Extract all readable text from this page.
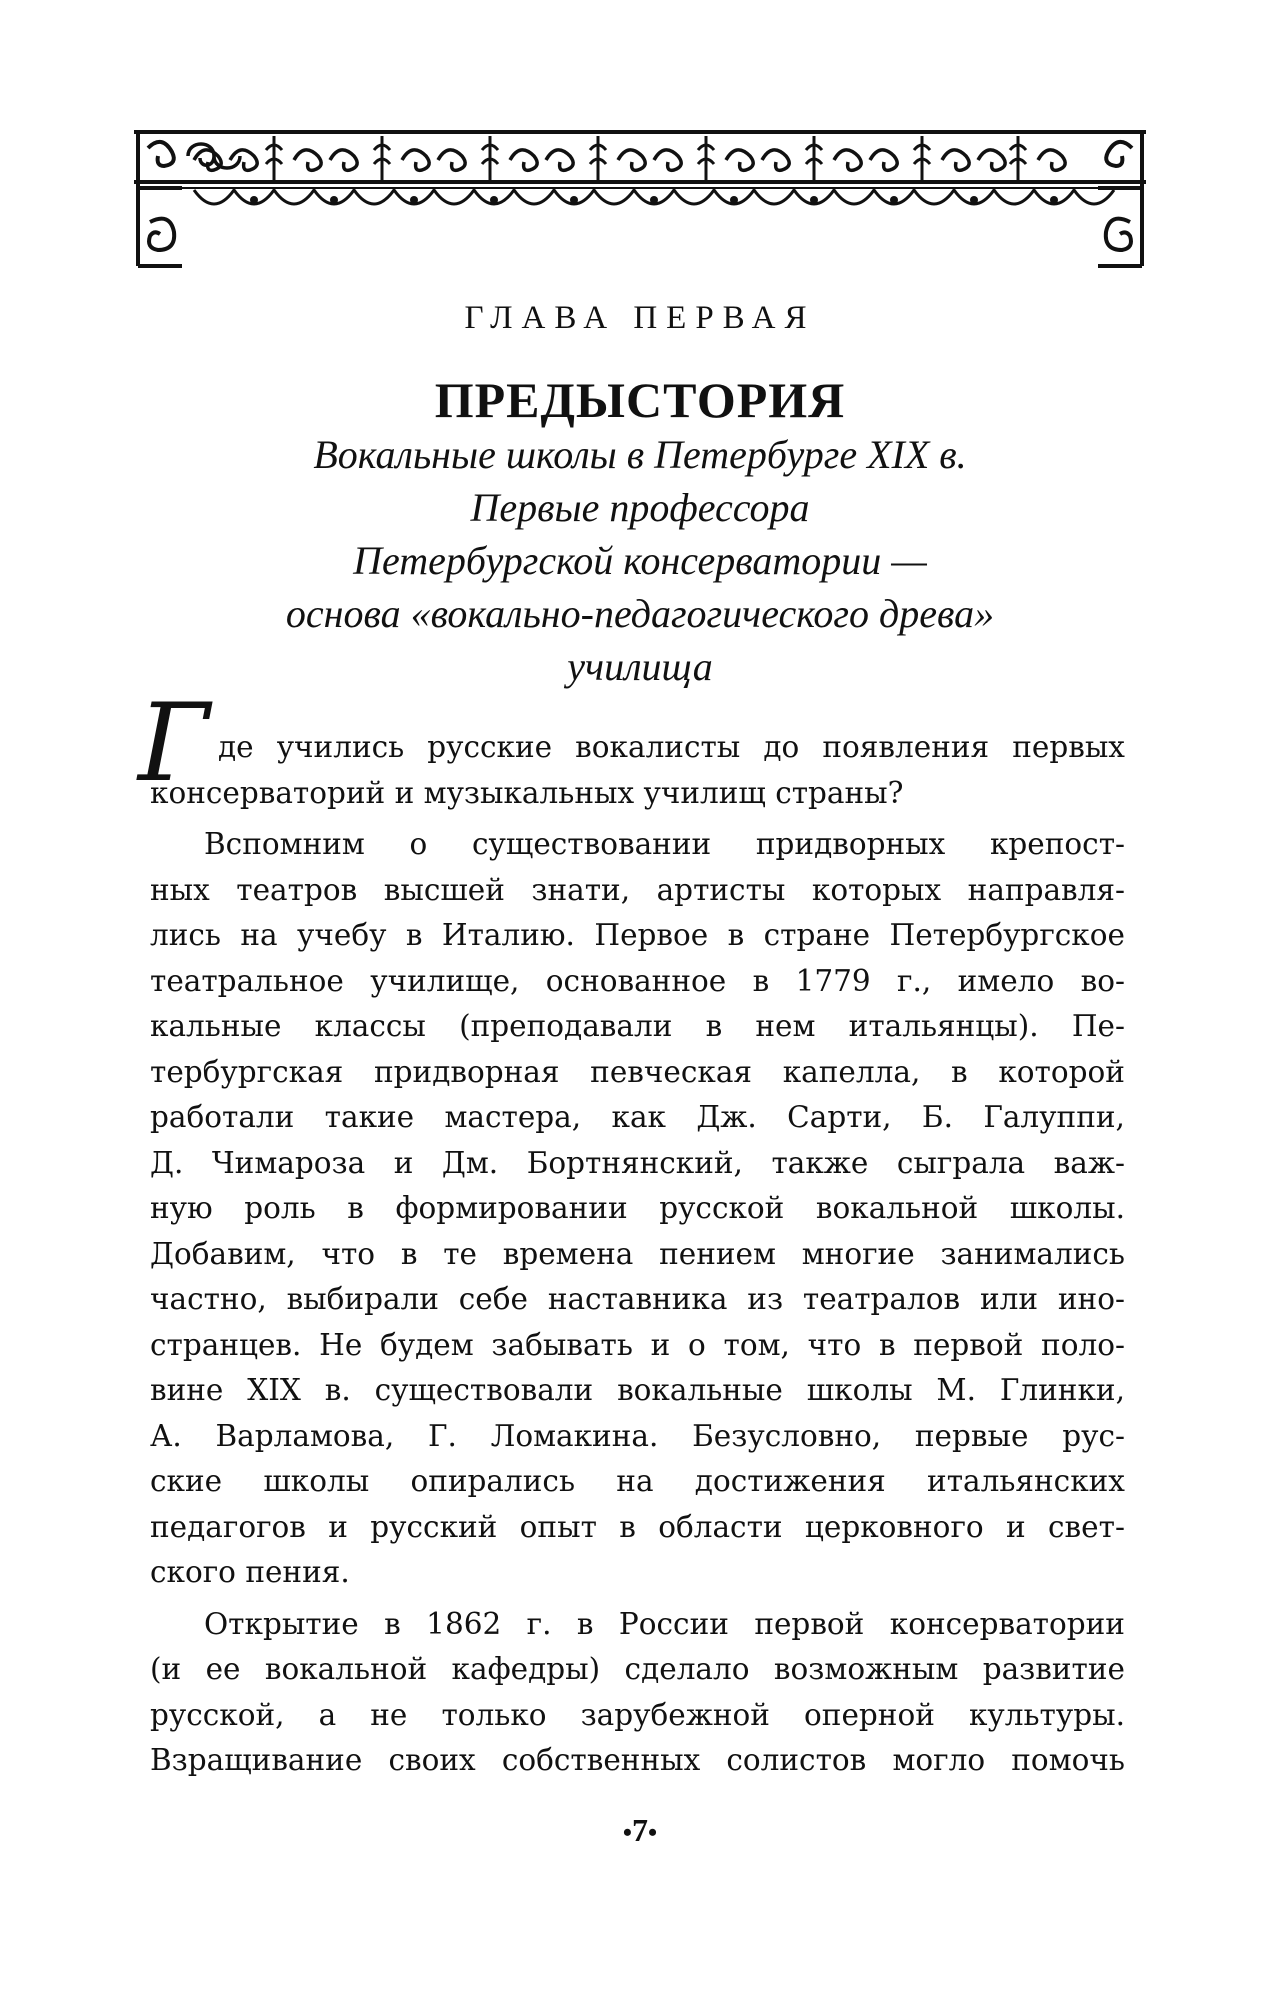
ГЛАВА ПЕРВАЯ
ПРЕДЫСТОРИЯ
Вокальные школы в Петербурге XIX в.
Первые профессора
Петербургской консерватории —
основа «вокально-педагогического древа»
училища
Г де учились русские вокалисты до появления первых
консерваторий и музыкальных училищ страны?
Вспомним о существовании придворных крепост-
ных театров высшей знати, артисты которых направля-
лись на учебу в Италию. Первое в стране Петербургское
театральное училище, основанное в 1779 г., имело во-
кальные классы (преподавали в нем итальянцы). Пе-
тербургская придворная певческая капелла, в которой
работали такие мастера, как Дж. Сарти, Б. Галуппи,
Д. Чимароза и Дм. Бортнянский, также сыграла важ-
ную роль в формировании русской вокальной школы.
Добавим, что в те времена пением многие занимались
частно, выбирали себе наставника из театралов или ино-
странцев. Не будем забывать и о том, что в первой поло-
вине XIX в. существовали вокальные школы М. Глинки,
А. Варламова, Г. Ломакина. Безусловно, первые рус-
ские школы опирались на достижения итальянских
педагогов и русский опыт в области церковного и свет-
ского пения.
Открытие в 1862 г. в России первой консерватории
(и ее вокальной кафедры) сделало возможным развитие
русской, а не только зарубежной оперной культуры.
Взращивание своих собственных солистов могло помочь
•7•
